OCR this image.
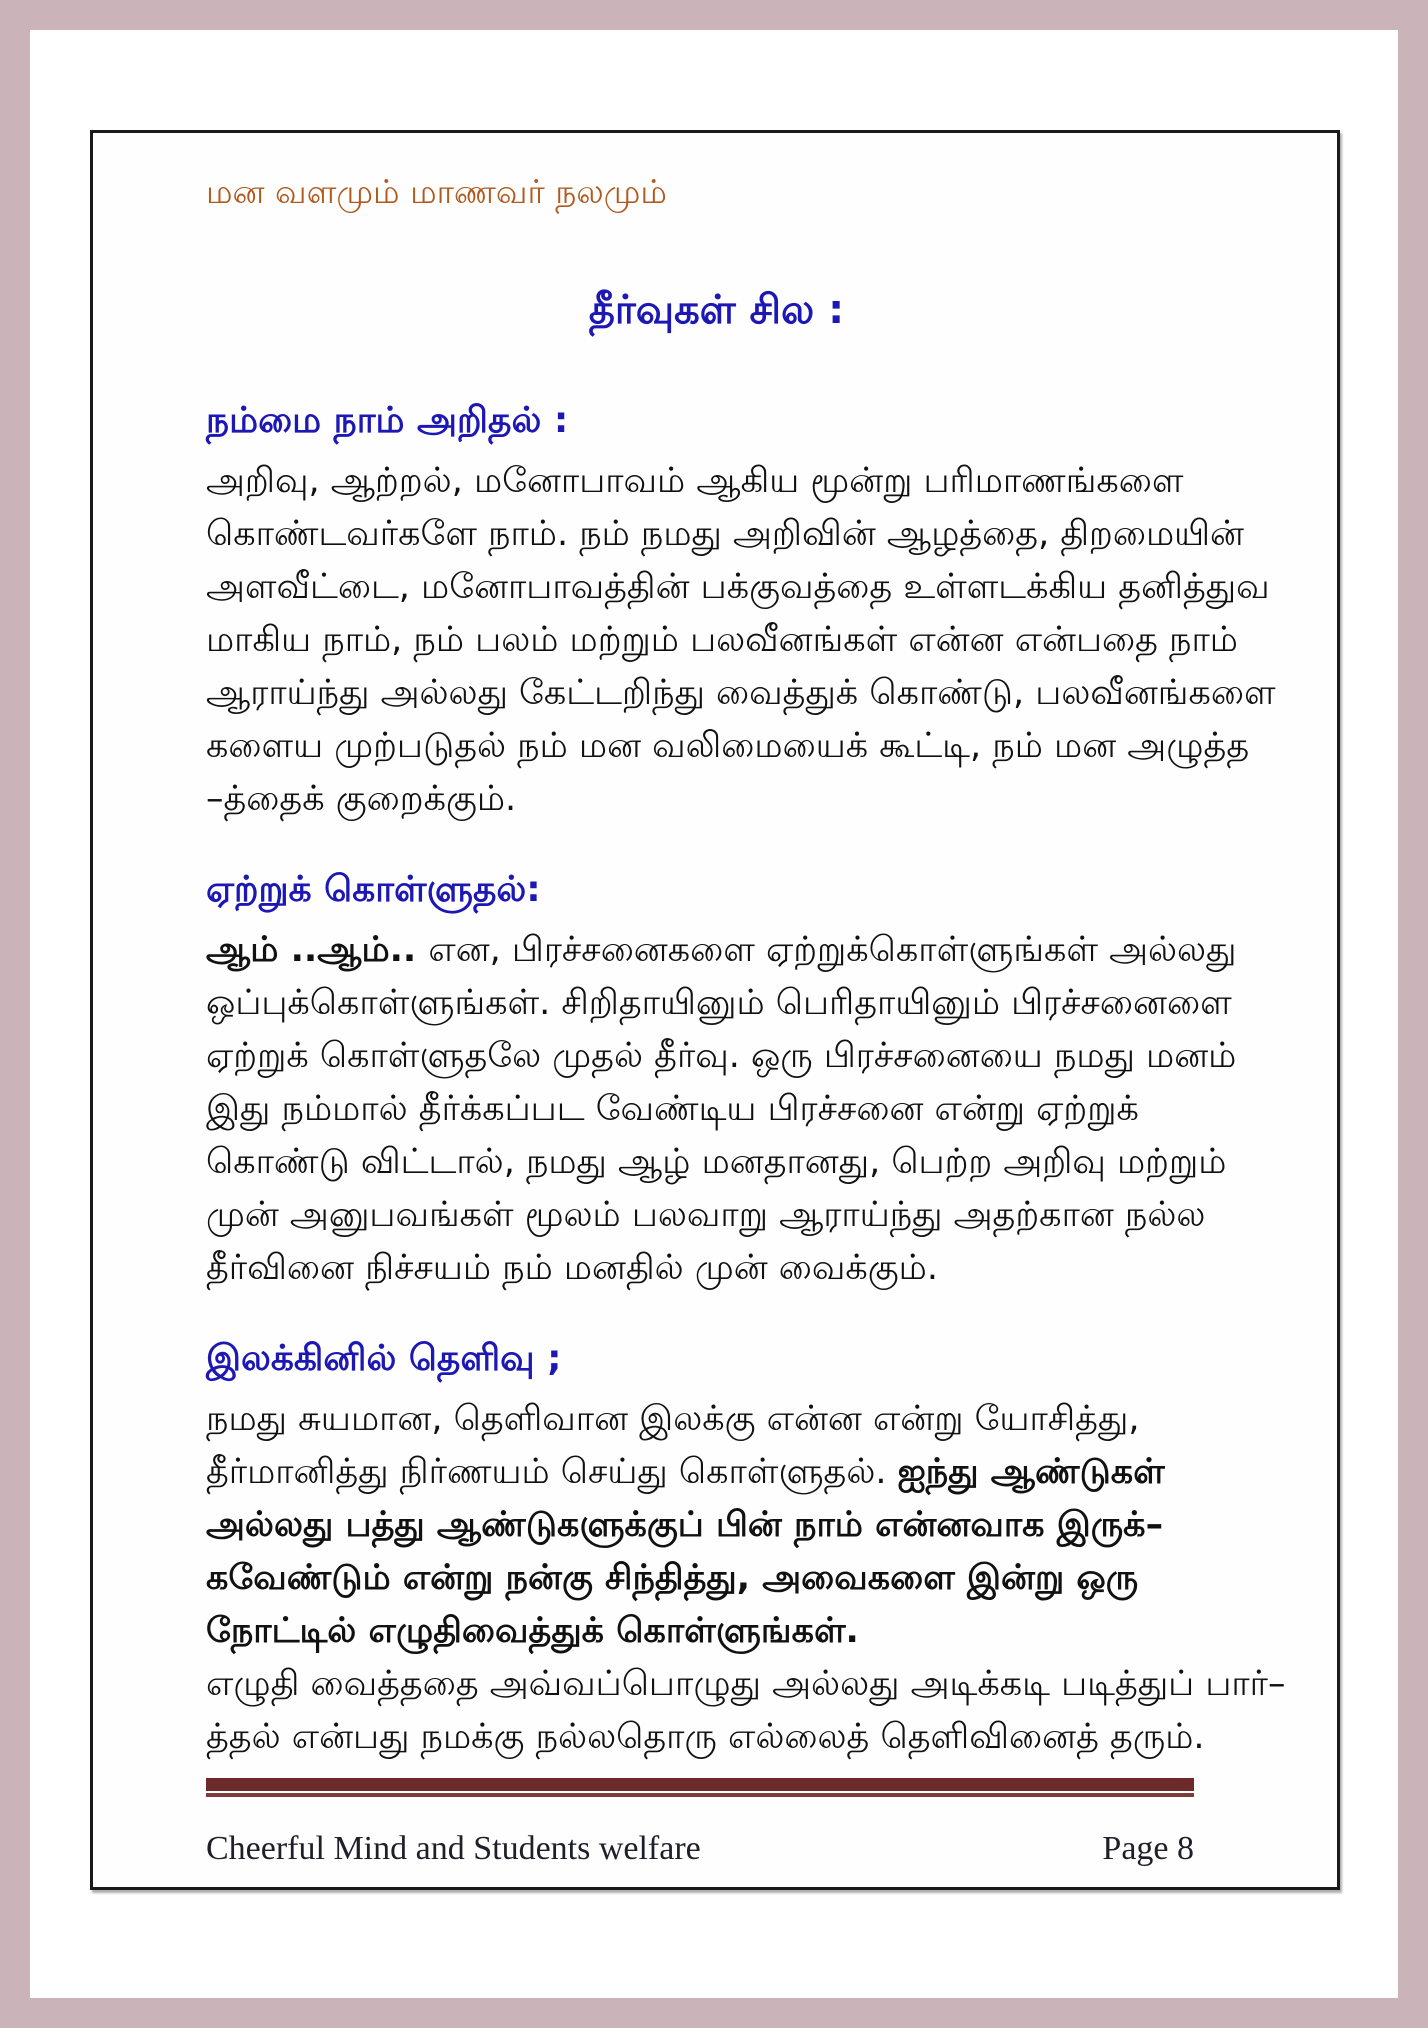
மன வளமும் மாணவர் நலமும்
தீர்வுகள் சில :
நம்மை நாம் அறிதல் :
அறிவு, ஆற்றல், மனோபாவம் ஆகிய மூன்று பரிமாணங்களை
கொண்டவர்களே நாம். நம் நமது அறிவின் ஆழத்தை, திறமையின்
அளவீட்டை, மனோபாவத்தின் பக்குவத்தை உள்ளடக்கிய தனித்துவ
மாகிய நாம், நம் பலம் மற்றும் பலவீனங்கள் என்ன என்பதை நாம்
ஆராய்ந்து அல்லது கேட்டறிந்து வைத்துக் கொண்டு, பலவீனங்களை
களைய முற்படுதல் நம் மன வலிமையைக் கூட்டி, நம் மன அழுத்த
–த்தைக் குறைக்கும்.
ஏற்றுக் கொள்ளுதல்:
ஆம் ..ஆம்.. என, பிரச்சனைகளை ஏற்றுக்கொள்ளுங்கள் அல்லது
ஒப்புக்கொள்ளுங்கள். சிறிதாயினும் பெரிதாயினும் பிரச்சனைளை
ஏற்றுக் கொள்ளுதலே முதல் தீர்வு. ஒரு பிரச்சனையை நமது மனம்
இது நம்மால் தீர்க்கப்பட வேண்டிய பிரச்சனை என்று ஏற்றுக்
கொண்டு விட்டால், நமது ஆழ் மனதானது, பெற்ற அறிவு மற்றும்
முன் அனுபவங்கள் மூலம் பலவாறு ஆராய்ந்து அதற்கான நல்ல
தீர்வினை நிச்சயம் நம் மனதில் முன் வைக்கும்.
இலக்கினில் தெளிவு ;
நமது சுயமான, தெளிவான இலக்கு என்ன என்று யோசித்து,
தீர்மானித்து நிர்ணயம் செய்து கொள்ளுதல். ஐந்து ஆண்டுகள்
அல்லது பத்து ஆண்டுகளுக்குப் பின் நாம் என்னவாக இருக்–
கவேண்டும் என்று நன்கு சிந்தித்து, அவைகளை இன்று ஒரு
நோட்டில் எழுதிவைத்துக் கொள்ளுங்கள்.
எழுதி வைத்ததை அவ்வப்பொழுது அல்லது அடிக்கடி படித்துப் பார்–
த்தல் என்பது நமக்கு நல்லதொரு எல்லைத் தெளிவினைத் தரும்.
Cheerful Mind and Students welfare	Page 8
